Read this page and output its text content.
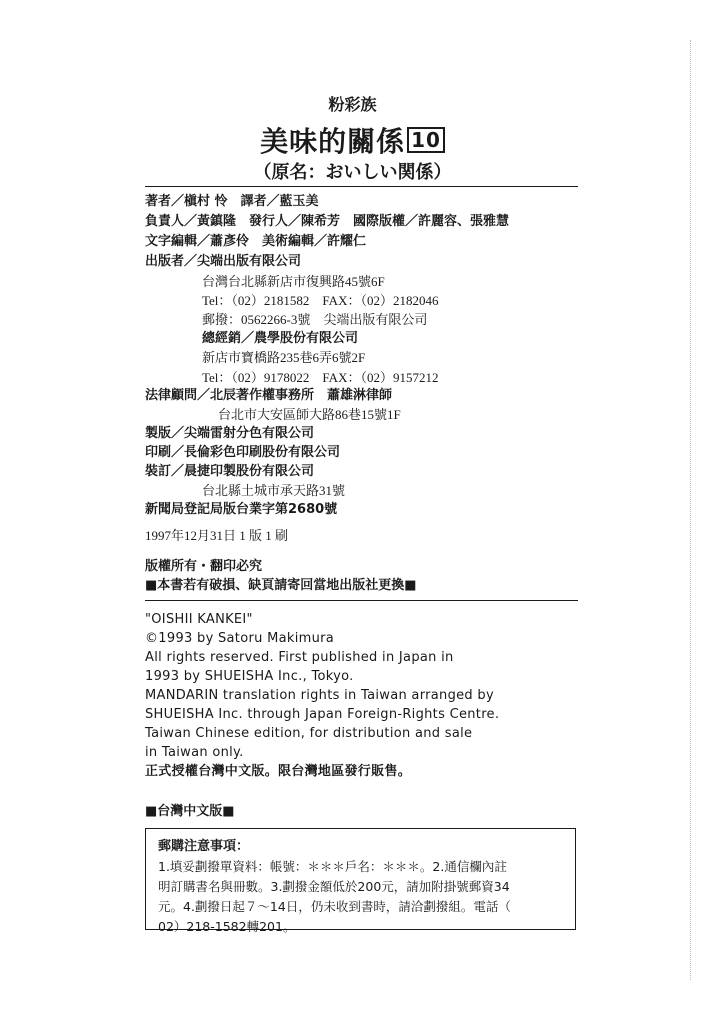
粉彩族
美味的關係 10
（原名：おいしい関係）
著者／槇村 怜　譯者／藍玉美
負責人／黃鎮隆　發行人／陳希芳　國際版權／許麗容、張雅慧
文字編輯／蕭彥伶　美術編輯／許耀仁
出版者／尖端出版有限公司
台灣台北縣新店市復興路45號6F
Tel：（02）2181582　FAX：（02）2182046
郵撥：0562266-3號　尖端出版有限公司
總經銷／農學股份有限公司
新店市寶橋路235巷6弄6號2F
Tel：（02）9178022　FAX：（02）9157212
法律顧問／北辰著作權事務所　蕭雄淋律師
台北市大安區師大路86巷15號1F
製版／尖端雷射分色有限公司
印刷／長倫彩色印刷股份有限公司
裝訂／晨捷印製股份有限公司
台北縣土城市承天路31號
新聞局登記局版台業字第2680號
1997年12月31日 1 版 1 刷
版權所有・翻印必究
■本書若有破損、缺頁請寄回當地出版社更換■
"OISHII KANKEI"
©1993 by Satoru Makimura
All rights reserved. First published in Japan in
1993 by SHUEISHA Inc., Tokyo.
MANDARIN translation rights in Taiwan arranged by
SHUEISHA Inc. through Japan Foreign-Rights Centre.
Taiwan Chinese edition, for distribution and sale
in Taiwan only.
正式授權台灣中文版。限台灣地區發行販售。
■台灣中文版■
郵購注意事項：
1.填妥劃撥單資料：帳號：＊＊＊戶名：＊＊＊。2.通信欄內註
明訂購書名與冊數。3.劃撥金額低於200元，請加附掛號郵資34
元。4.劃撥日起７～14日，仍未收到書時，請洽劃撥組。電話（
02）218-1582轉201。
